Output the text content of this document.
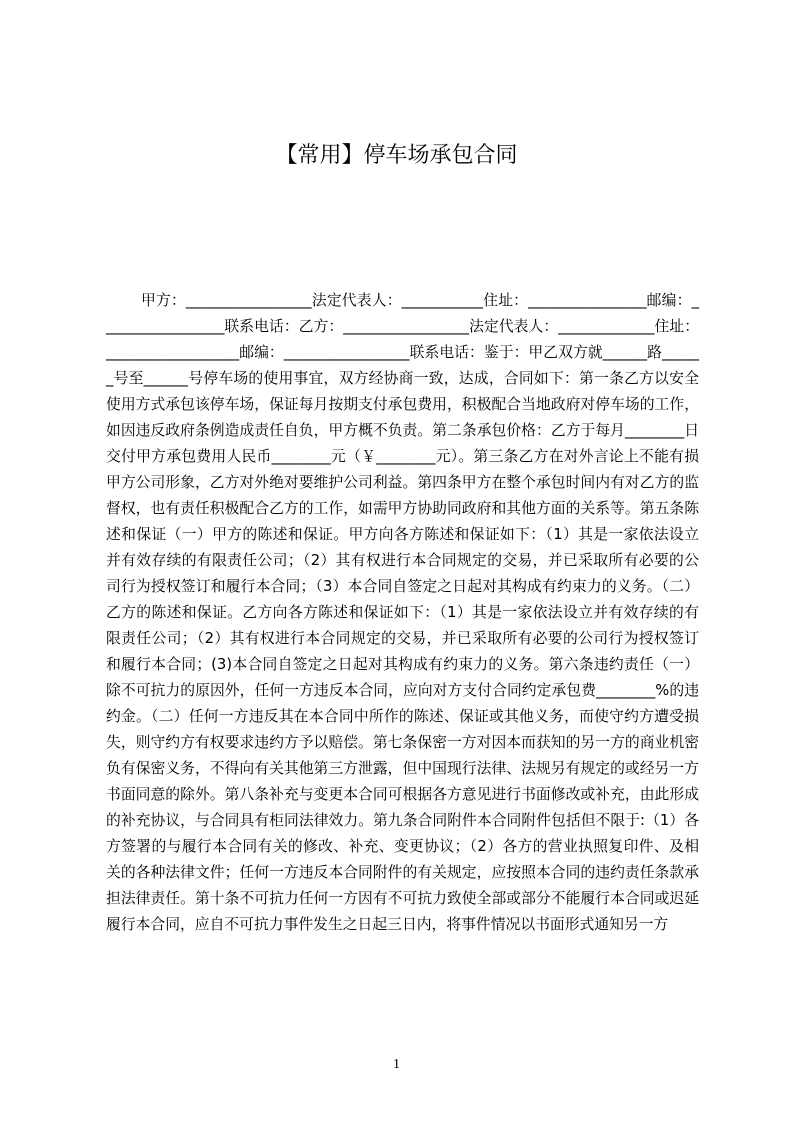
【常用】停车场承包合同

甲方：_________________法定代表人：___________住址：________________邮编：_________________联系电话：乙方：_________________法定代表人：_____________住址：__________________邮编：_________________联系电话：鉴于：甲乙双方就______路______号至______号停车场的使用事宜，双方经协商一致，达成，合同如下：第一条乙方以安全使用方式承包该停车场，保证每月按期支付承包费用，积极配合当地政府对停车场的工作，如因违反政府条例造成责任自负，甲方概不负责。第二条承包价格：乙方于每月________日交付甲方承包费用人民币________元（￥________元）。第三条乙方在对外言论上不能有损甲方公司形象，乙方对外绝对要维护公司利益。第四条甲方在整个承包时间内有对乙方的监督权，也有责任积极配合乙方的工作，如需甲方协助同政府和其他方面的关系等。第五条陈述和保证（一）甲方的陈述和保证。甲方向各方陈述和保证如下：（1）其是一家依法设立并有效存续的有限责任公司；（2）其有权进行本合同规定的交易，并已采取所有必要的公司行为授权签订和履行本合同；（3）本合同自签定之日起对其构成有约束力的义务。（二）乙方的陈述和保证。乙方向各方陈述和保证如下：（1）其是一家依法设立并有效存续的有限责任公司；（2）其有权进行本合同规定的交易，并已采取所有必要的公司行为授权签订和履行本合同；(3)本合同自签定之日起对其构成有约束力的义务。第六条违约责任（一）除不可抗力的原因外，任何一方违反本合同，应向对方支付合同约定承包费________%的违约金。（二）任何一方违反其在本合同中所作的陈述、保证或其他义务，而使守约方遭受损失，则守约方有权要求违约方予以赔偿。第七条保密一方对因本而获知的另一方的商业机密负有保密义务，不得向有关其他第三方泄露，但中国现行法律、法规另有规定的或经另一方书面同意的除外。第八条补充与变更本合同可根据各方意见进行书面修改或补充，由此形成的补充协议，与合同具有柜同法律效力。第九条合同附件本合同附件包括但不限于:（1）各方签署的与履行本合同有关的修改、补充、变更协议；（2）各方的营业执照复印件、及相关的各种法律文件；任何一方违反本合同附件的有关规定，应按照本合同的违约责任条款承担法律责任。第十条不可抗力任何一方因有不可抗力致使全部或部分不能履行本合同或迟延履行本合同，应自不可抗力事件发生之日起三日内，将事件情况以书面形式通知另一方

1
